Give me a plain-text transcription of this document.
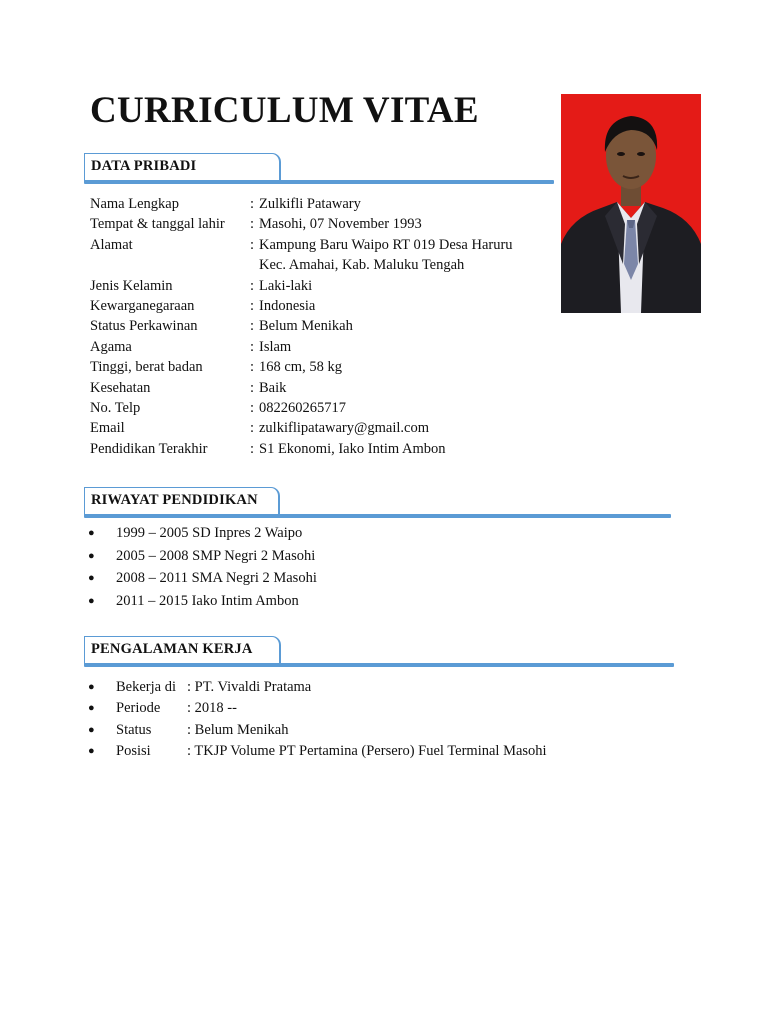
CURRICULUM VITAE
DATA PRIBADI
Nama Lengkap	: Zulkifli Patawary
Tempat & tanggal lahir	: Masohi, 07 November 1993
Alamat	: Kampung Baru Waipo RT 019 Desa Haruru
Kec. Amahai, Kab. Maluku Tengah
Jenis Kelamin	: Laki-laki
Kewarganegaraan	: Indonesia
Status Perkawinan	: Belum Menikah
Agama	: Islam
Tinggi, berat badan	: 168 cm, 58 kg
Kesehatan	: Baik
No. Telp	: 082260265717
Email	: zulkiflipatawary@gmail.com
Pendidikan Terakhir	: S1 Ekonomi, Iako Intim Ambon
RIWAYAT PENDIDIKAN
●	1999 – 2005 SD Inpres 2 Waipo
●	2005 – 2008 SMP Negri 2 Masohi
●	2008 – 2011 SMA Negri 2 Masohi
●	2011 – 2015 Iako Intim Ambon
PENGALAMAN KERJA
●	Bekerja di : PT. Vivaldi Pratama
●	Periode	: 2018 --
●	Status	: Belum Menikah
●	Posisi	: TKJP Volume PT Pertamina (Persero) Fuel Terminal Masohi
